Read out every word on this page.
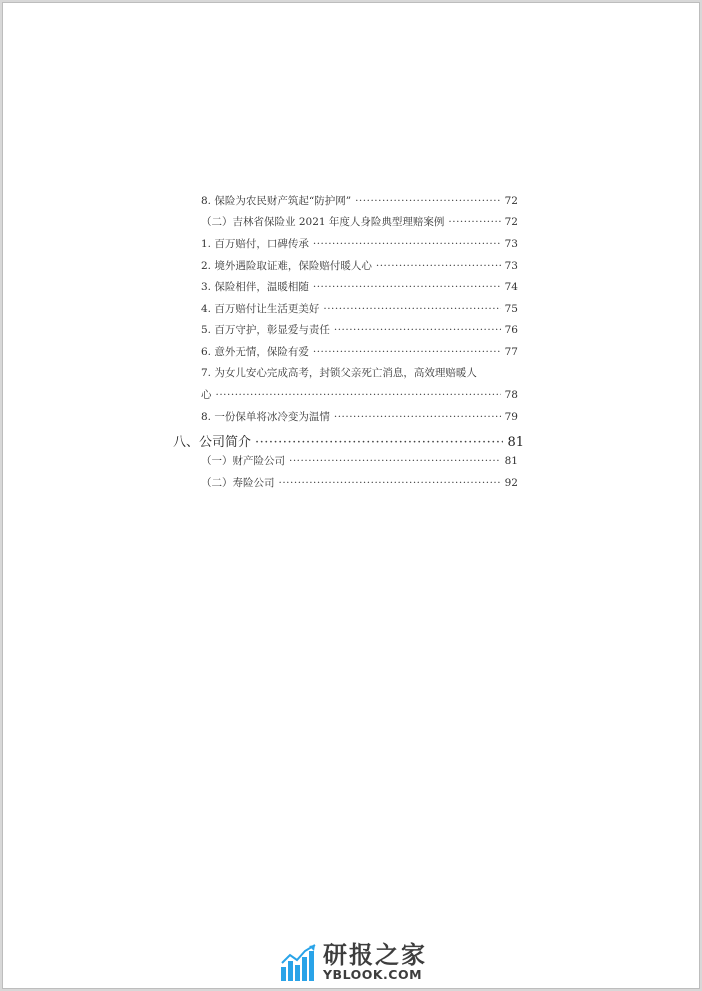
8. 保险为农民财产筑起“防护网” ·····	72
（二）吉林省保险业 2021 年度人身险典型理赔案例 ·····	72
1. 百万赔付，口碑传承 ·····	73
2. 境外遇险取证难，保险赔付暖人心 ·····	73
3. 保险相伴，温暖相随 ·····	74
4. 百万赔付让生活更美好 ·····	75
5. 百万守护，彰显爱与责任 ·····	76
6. 意外无情，保险有爱 ·····	77
7. 为女儿安心完成高考，封锁父亲死亡消息，高效理赔暖人
心 ·····	78
8. 一份保单将冰冷变为温情 ·····	79
八、公司简介 ·····	81
（一）财产险公司 ·····	81
（二）寿险公司 ·····	92
研报之家
YBLOOK.COM
